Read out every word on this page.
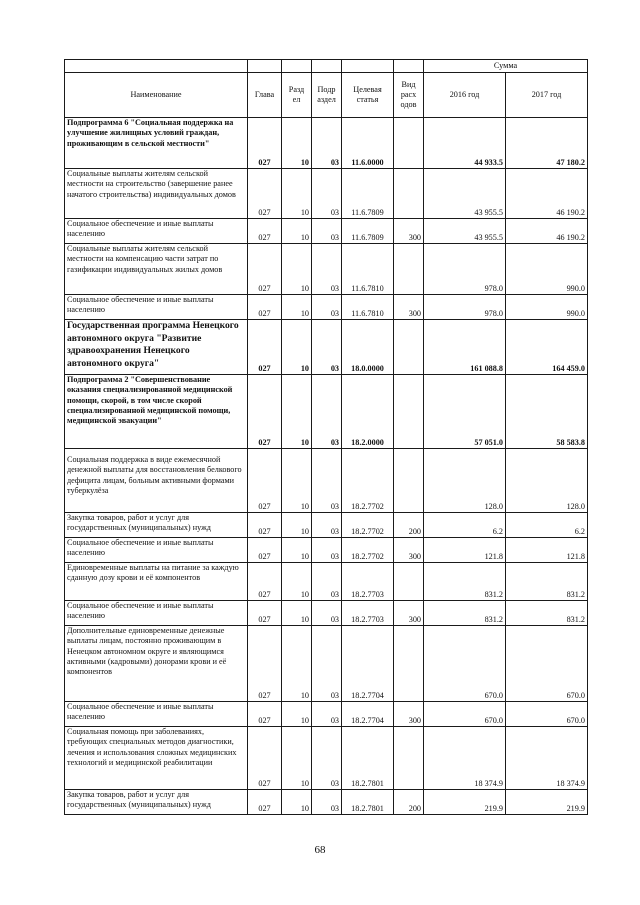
						Сумма	
Наименование	Глава	Разд ел	Подр аздел	Целевая статья	Вид расх одов	2016 год	2017 год
Подпрограмма 6 "Социальная поддержка на улучшение жилищных условий граждан, проживающим в сельской местности"	027	10	03	11.6.0000		44 933.5	47 180.2
Социальные выплаты жителям сельской местности на строительство (завершение ранее начатого строительства) индивидуальных домов	027	10	03	11.6.7809		43 955.5	46 190.2
Социальное обеспечение и иные выплаты населению	027	10	03	11.6.7809	300	43 955.5	46 190.2
Социальные выплаты жителям сельской местности на компенсацию части затрат по газификации индивидуальных жилых домов	027	10	03	11.6.7810		978.0	990.0
Социальное обеспечение и иные выплаты населению	027	10	03	11.6.7810	300	978.0	990.0
Государственная программа Ненецкого автономного округа "Развитие здравоохранения Ненецкого автономного округа"	027	10	03	18.0.0000		161 088.8	164 459.0
Подпрограмма 2 "Совершенствование оказания специализированной медицинской помощи, скорой, в том числе скорой специализированной медицинской помощи, медицинской эвакуации"	027	10	03	18.2.0000		57 051.0	58 583.8
Социальная поддержка в виде ежемесячной денежной выплаты для восстановления белкового дефицита лицам, больным активными формами туберкулёза	027	10	03	18.2.7702		128.0	128.0
Закупка товаров, работ и услуг для государственных (муниципальных) нужд	027	10	03	18.2.7702	200	6.2	6.2
Социальное обеспечение и иные выплаты населению	027	10	03	18.2.7702	300	121.8	121.8
Единовременные выплаты на питание за каждую сданную дозу крови и её компонентов	027	10	03	18.2.7703		831.2	831.2
Социальное обеспечение и иные выплаты населению	027	10	03	18.2.7703	300	831.2	831.2
Дополнительные единовременные денежные выплаты лицам, постоянно проживающим в Ненецком автономном округе и являющимся активными (кадровыми) донорами крови и её компонентов	027	10	03	18.2.7704		670.0	670.0
Социальное обеспечение и иные выплаты населению	027	10	03	18.2.7704	300	670.0	670.0
Социальная помощь при заболеваниях, требующих специальных методов диагностики, лечения и использования сложных медицинских технологий и медицинской реабилитации	027	10	03	18.2.7801		18 374.9	18 374.9
Закупка товаров, работ и услуг для государственных (муниципальных) нужд	027	10	03	18.2.7801	200	219.9	219.9
68
